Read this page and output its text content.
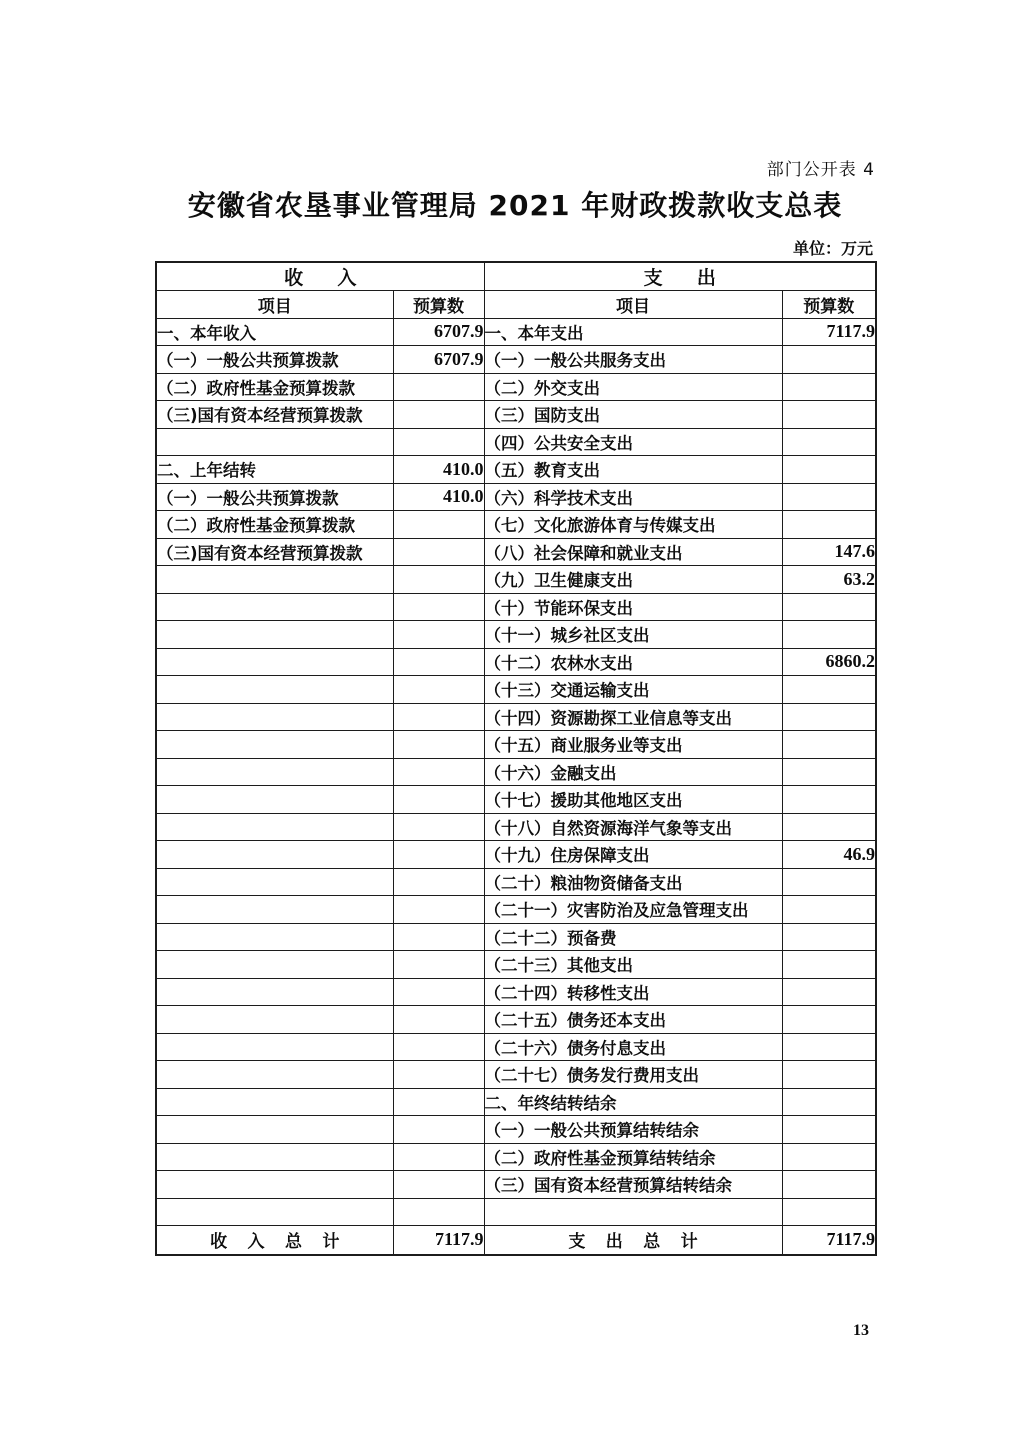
部门公开表 4
安徽省农垦事业管理局 2021 年财政拨款收支总表
单位：万元
收入		支出	
项目	预算数	项目	预算数
一、本年收入	6707.9	一、本年支出	7117.9
（一）一般公共预算拨款	6707.9	（一）一般公共服务支出	
（二）政府性基金预算拨款		（二）外交支出	
（三)国有资本经营预算拨款		（三）国防支出	
		（四）公共安全支出	
二、上年结转	410.0	（五）教育支出	
（一）一般公共预算拨款	410.0	（六）科学技术支出	
（二）政府性基金预算拨款		（七）文化旅游体育与传媒支出	
（三)国有资本经营预算拨款		（八）社会保障和就业支出	147.6
		（九）卫生健康支出	63.2
		（十）节能环保支出	
		（十一）城乡社区支出	
		（十二）农林水支出	6860.2
		（十三）交通运输支出	
		（十四）资源勘探工业信息等支出	
		（十五）商业服务业等支出	
		（十六）金融支出	
		（十七）援助其他地区支出	
		（十八）自然资源海洋气象等支出	
		（十九）住房保障支出	46.9
		（二十）粮油物资储备支出	
		（二十一）灾害防治及应急管理支出	
		（二十二）预备费	
		（二十三）其他支出	
		（二十四）转移性支出	
		（二十五）债务还本支出	
		（二十六）债务付息支出	
		（二十七）债务发行费用支出	
		二、年终结转结余	
		（一）一般公共预算结转结余	
		（二）政府性基金预算结转结余	
		（三）国有资本经营预算结转结余	

收入总计	7117.9	支出总计	7117.9
13
